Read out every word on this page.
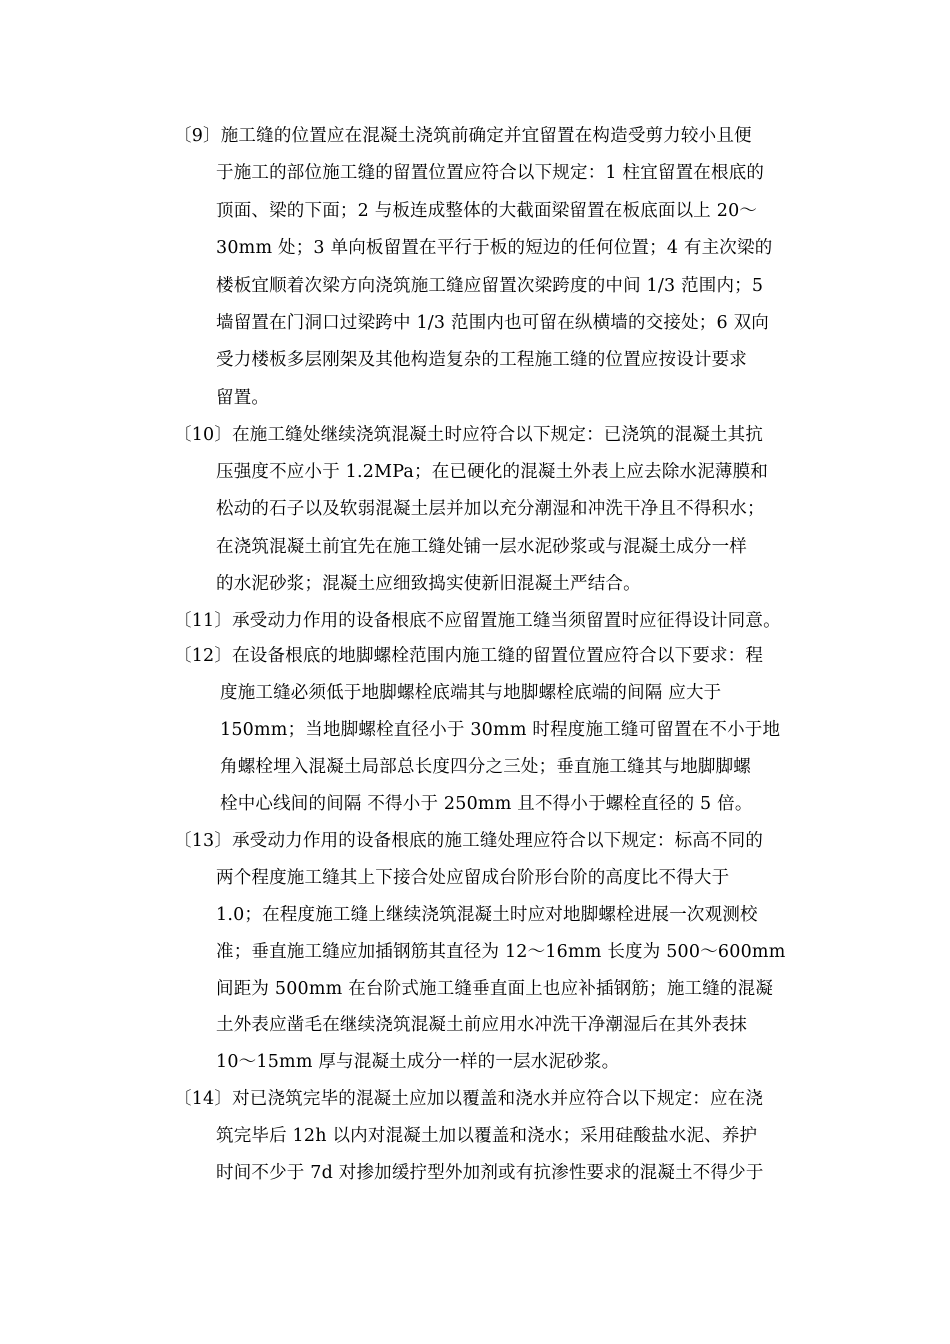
〔9〕施工缝的位置应在混凝土浇筑前确定并宜留置在构造受剪力较小且便
于施工的部位施工缝的留置位置应符合以下规定：1 柱宜留置在根底的
顶面、梁的下面；2 与板连成整体的大截面梁留置在板底面以上 20～
30mm 处；3 单向板留置在平行于板的短边的任何位置；4 有主次梁的
楼板宜顺着次梁方向浇筑施工缝应留置次梁跨度的中间 1/3 范围内；5
墙留置在门洞口过梁跨中 1/3 范围内也可留在纵横墙的交接处；6 双向
受力楼板多层刚架及其他构造复杂的工程施工缝的位置应按设计要求
留置。
〔10〕在施工缝处继续浇筑混凝土时应符合以下规定：已浇筑的混凝土其抗
压强度不应小于 1.2MPa；在已硬化的混凝土外表上应去除水泥薄膜和
松动的石子以及软弱混凝土层并加以充分潮湿和冲洗干净且不得积水；
在浇筑混凝土前宜先在施工缝处铺一层水泥砂浆或与混凝土成分一样
的水泥砂浆；混凝土应细致捣实使新旧混凝土严结合。
〔11〕承受动力作用的设备根底不应留置施工缝当须留置时应征得设计同意。
〔12〕在设备根底的地脚螺栓范围内施工缝的留置位置应符合以下要求：程
度施工缝必须低于地脚螺栓底端其与地脚螺栓底端的间隔 应大于
150mm；当地脚螺栓直径小于 30mm 时程度施工缝可留置在不小于地
角螺栓埋入混凝土局部总长度四分之三处；垂直施工缝其与地脚脚螺
栓中心线间的间隔 不得小于 250mm 且不得小于螺栓直径的 5 倍。
〔13〕承受动力作用的设备根底的施工缝处理应符合以下规定：标高不同的
两个程度施工缝其上下接合处应留成台阶形台阶的高度比不得大于
1.0；在程度施工缝上继续浇筑混凝土时应对地脚螺栓进展一次观测校
准；垂直施工缝应加插钢筋其直径为 12～16mm 长度为 500～600mm
间距为 500mm 在台阶式施工缝垂直面上也应补插钢筋；施工缝的混凝
土外表应凿毛在继续浇筑混凝土前应用水冲洗干净潮湿后在其外表抹
10～15mm 厚与混凝土成分一样的一层水泥砂浆。
〔14〕对已浇筑完毕的混凝土应加以覆盖和浇水并应符合以下规定：应在浇
筑完毕后 12h 以内对混凝土加以覆盖和浇水；采用硅酸盐水泥、养护
时间不少于 7d 对掺加缓拧型外加剂或有抗渗性要求的混凝土不得少于
